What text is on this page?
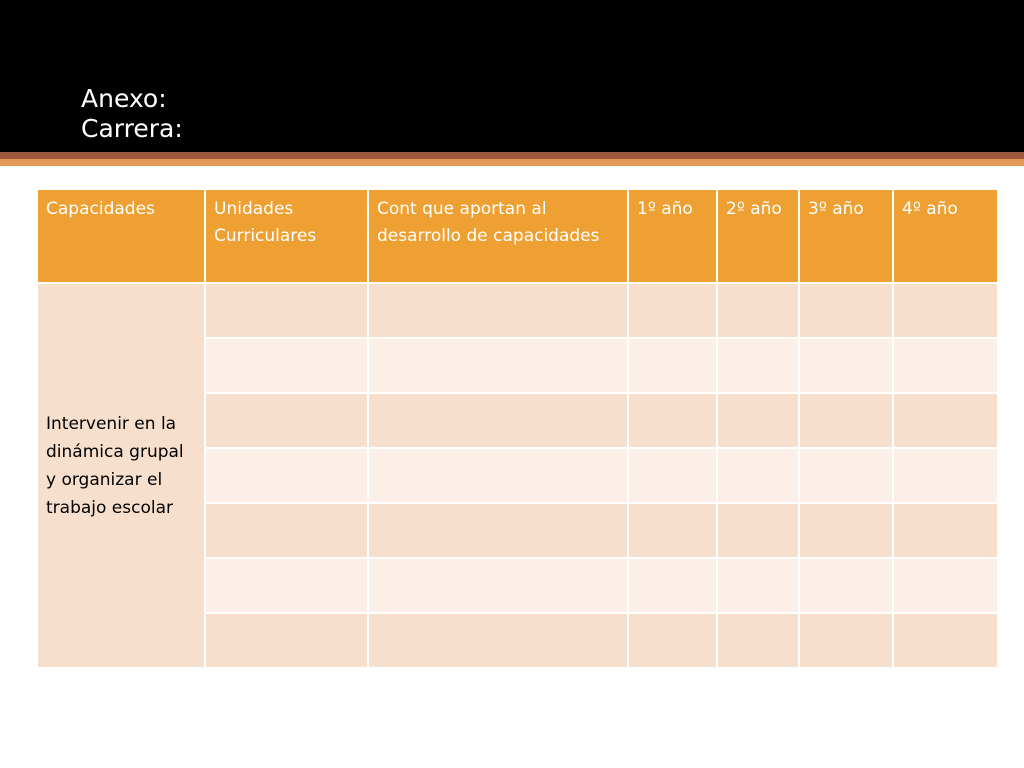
Anexo:
Carrera:
Capacidades	Unidades Curriculares	Cont que aportan al desarrollo de capacidades	1º año	2º año	3º año	4º año
Intervenir en la dinámica grupal y organizar el trabajo escolar						
